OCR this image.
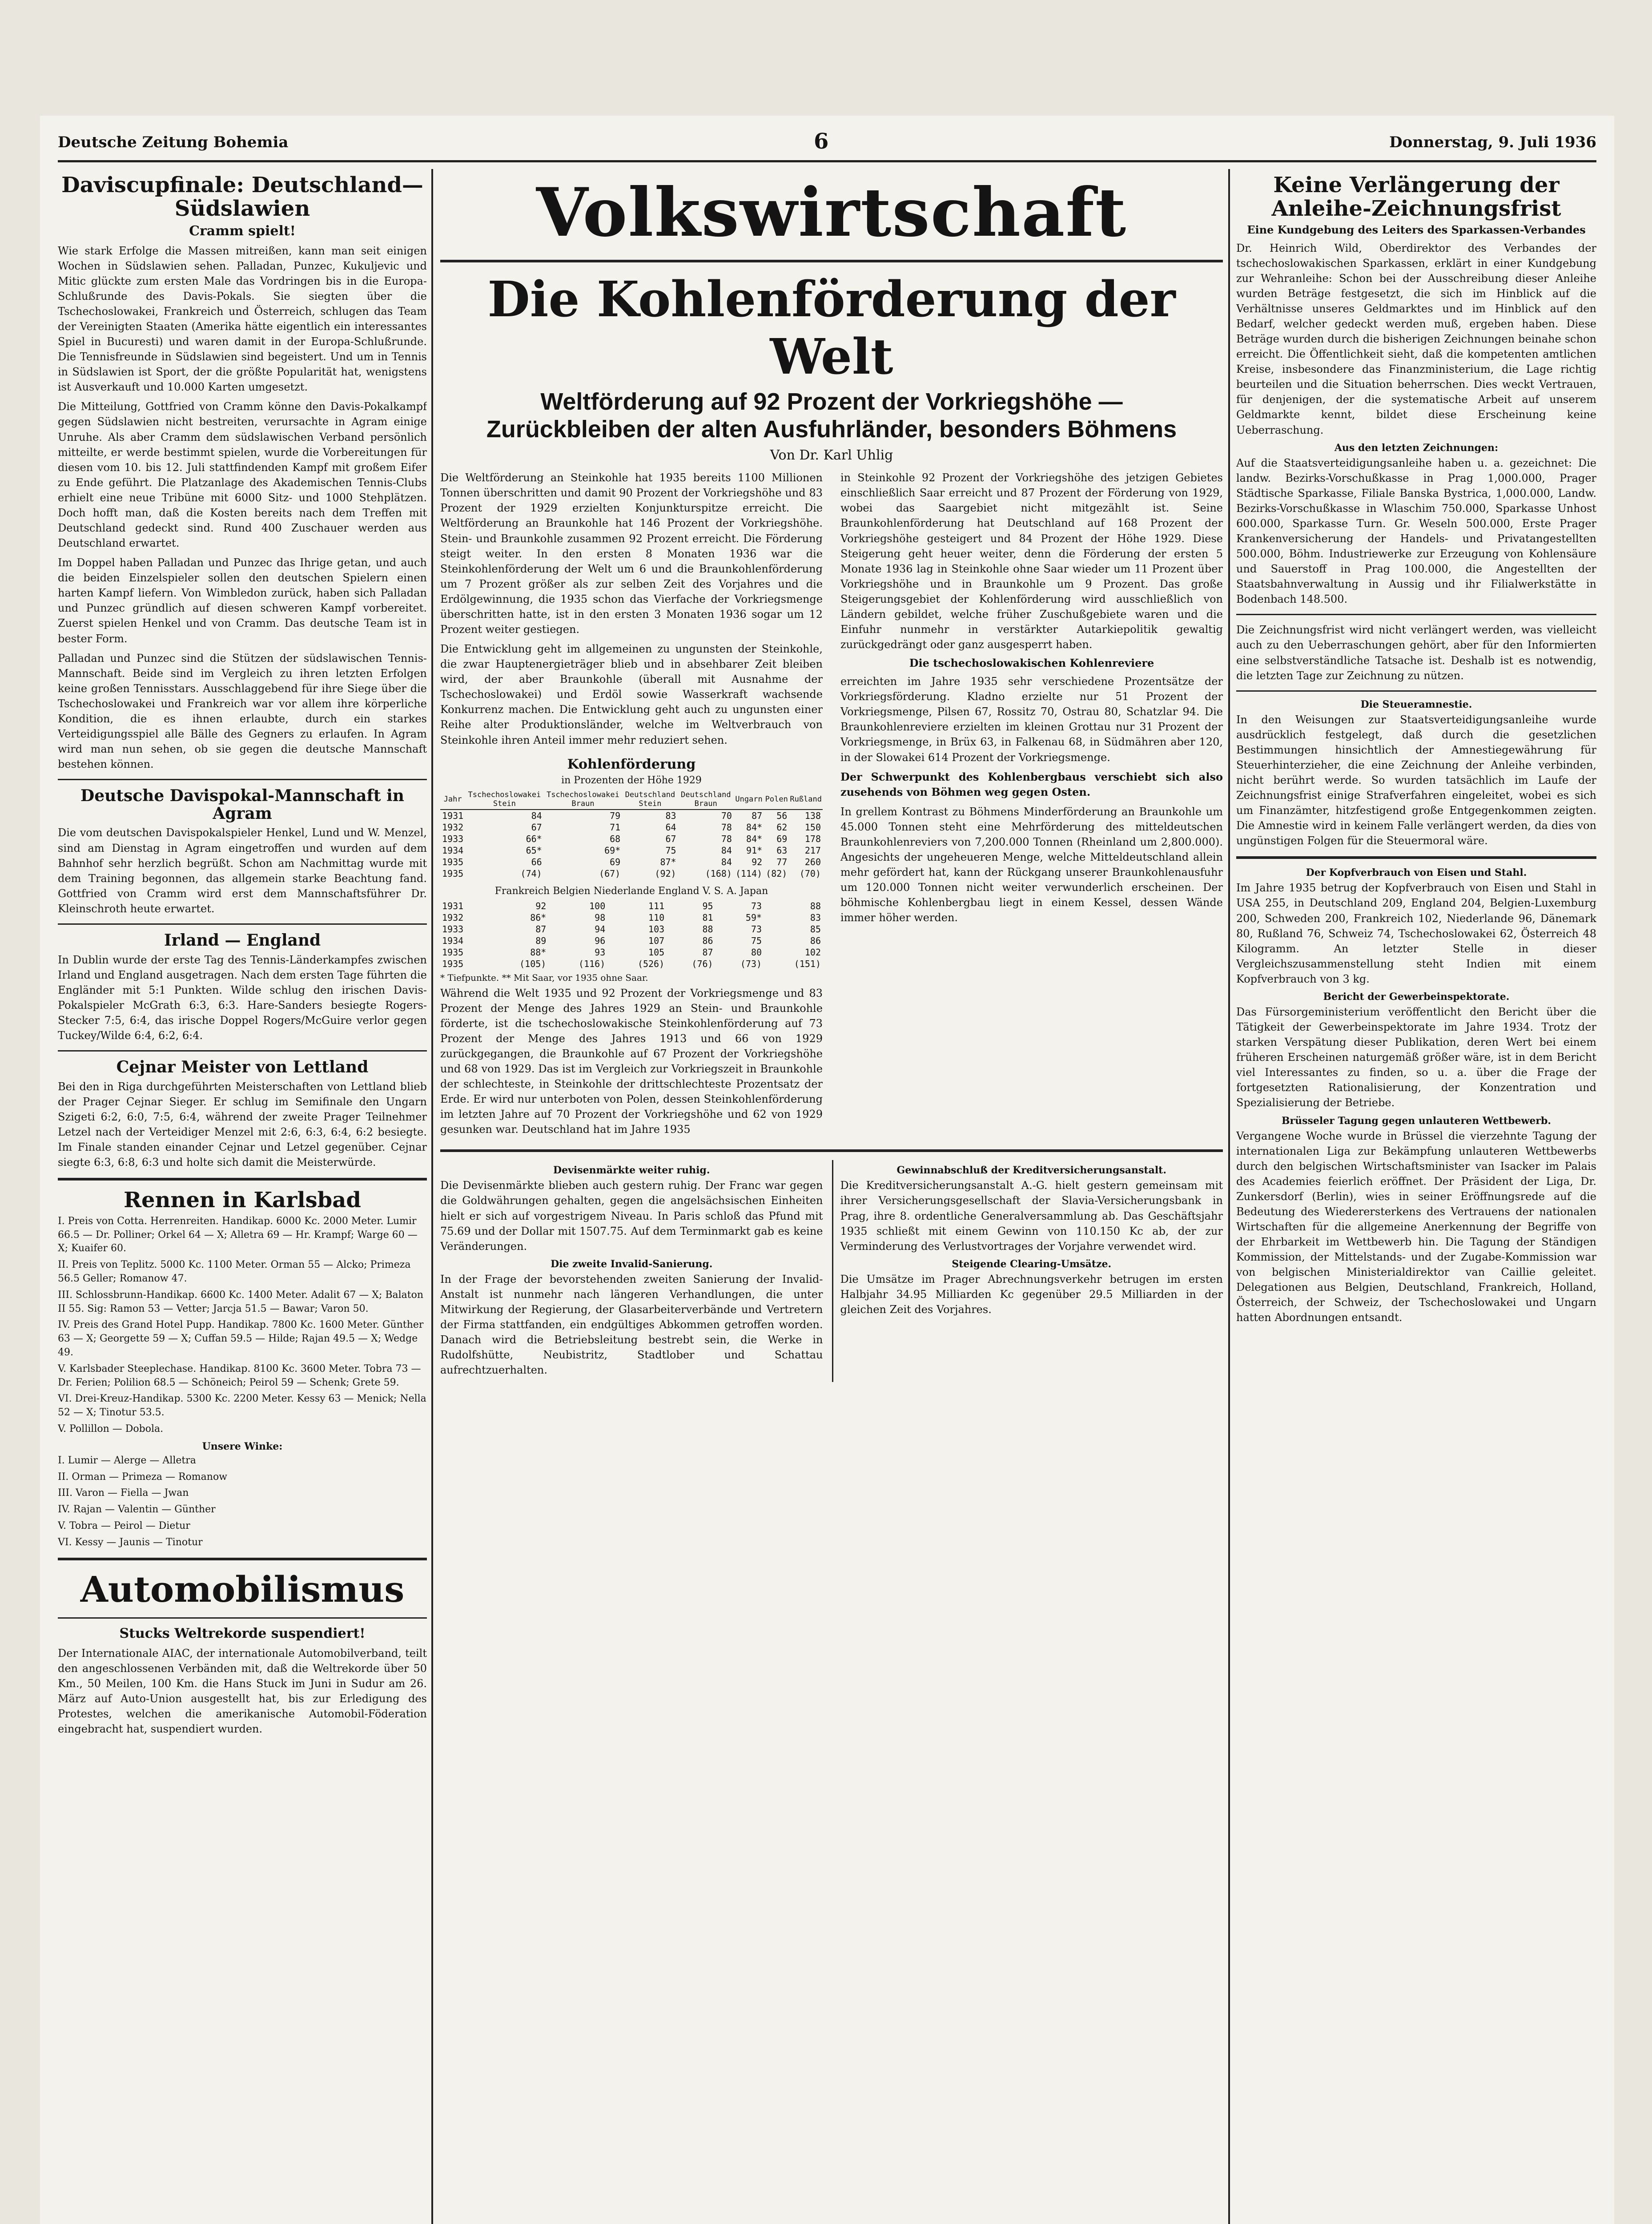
Deutsche Zeitung Bohemia	6	Donnerstag, 9. Juli 1936
Daviscupfinale: Deutschland—Südslawien
Cramm spielt!

Wie stark Erfolge die Massen mitreißen, kann man seit einigen Wochen in Südslawien sehen. Palladan, Punzec, Kukuljevic und Mitic glückte zum ersten Male das Vordringen bis in die Europa-Schlußrunde des Davis-Pokals. Sie siegten über die Tschechoslowakei, Frankreich und Österreich, schlugen das Team der Vereinigten Staaten (Amerika hätte eigentlich ein interessantes Spiel in Bucuresti) und waren damit in der Europa-Schlußrunde. Die Tennisfreunde in Südslawien sind begeistert. Und um in Tennis in Südslawien ist Sport, der die größte Popularität hat, wenigstens ist Ausverkauft und 10.000 Karten umgesetzt.

Die Mitteilung, Gottfried von Cramm könne den Davis-Pokalkampf gegen Südslawien nicht bestreiten, verursachte in Agram einige Unruhe. Als aber Cramm dem südslawischen Verband persönlich mitteilte, er werde bestimmt spielen, wurde die Vorbereitungen für diesen vom 10. bis 12. Juli stattfindenden Kampf mit großem Eifer zu Ende geführt. Die Platzanlage des Akademischen Tennis-Clubs erhielt eine neue Tribüne mit 6000 Sitz- und 1000 Stehplätzen. Doch hofft man, daß die Kosten bereits nach dem Treffen mit Deutschland gedeckt sind. Rund 400 Zuschauer werden aus Deutschland erwartet.

Im Doppel haben Palladan und Punzec das Ihrige getan, und auch die beiden Einzelspieler sollen den deutschen Spielern einen harten Kampf liefern. Von Wimbledon zurück, haben sich Palladan und Punzec gründlich auf diesen schweren Kampf vorbereitet. Zuerst spielen Henkel und von Cramm. Das deutsche Team ist in bester Form.

Palladan und Punzec sind die Stützen der südslawischen Tennis-Mannschaft. Beide sind im Vergleich zu ihren letzten Erfolgen keine großen Tennisstars. Ausschlaggebend für ihre Siege über die Tschechoslowakei und Frankreich war vor allem ihre körperliche Kondition, die es ihnen erlaubte, durch ein starkes Verteidigungsspiel alle Bälle des Gegners zu erlaufen. In Agram wird man nun sehen, ob sie gegen die deutsche Mannschaft bestehen können.

Deutsche Davispokal-Mannschaft in Agram

Die vom deutschen Davispokalspieler Henkel, Lund und W. Menzel, sind am Dienstag in Agram eingetroffen und wurden auf dem Bahnhof sehr herzlich begrüßt. Schon am Nachmittag wurde mit dem Training begonnen, das allgemein starke Beachtung fand. Gottfried von Cramm wird erst dem Mannschaftsführer Dr. Kleinschroth heute erwartet.

Irland — England

In Dublin wurde der erste Tag des Tennis-Länderkampfes zwischen Irland und England ausgetragen. Nach dem ersten Tage führten die Engländer mit 5:1 Punkten. Wilde schlug den irischen Davis-Pokalspieler McGrath 6:3, 6:3. Hare-Sanders besiegte Rogers-Stecker 7:5, 6:4, das irische Doppel Rogers/McGuire verlor gegen Tuckey/Wilde 6:4, 6:2, 6:4.

Cejnar Meister von Lettland

Bei den in Riga durchgeführten Meisterschaften von Lettland blieb der Prager Cejnar Sieger. Er schlug im Semifinale den Ungarn Szigeti 6:2, 6:0, 7:5, 6:4, während der zweite Prager Teilnehmer Letzel nach der Verteidiger Menzel mit 2:6, 6:3, 6:4, 6:2 besiegte. Im Finale standen einander Cejnar und Letzel gegenüber. Cejnar siegte 6:3, 6:8, 6:3 und holte sich damit die Meisterwürde.

Rennen in Karlsbad

I. Preis von Cotta. Herrenreiten. Handikap. 6000 Kc. 2000 Meter. Lumir 66.5 — Dr. Polliner; Orkel 64 — X; Alletra 69 — Hr. Krampf; Warge 60 — X; Kuaifer 60.

II. Preis von Teplitz. 5000 Kc. 1100 Meter. Orman 55 — Alcko; Primeza 56.5 Geller; Romanow 47.

III. Schlossbrunn-Handikap. 6600 Kc. 1400 Meter. Adalit 67 — X; Balaton II 55. Sig: Ramon 53 — Vetter; Jarcja 51.5 — Bawar; Varon 50.

IV. Preis des Grand Hotel Pupp. Handikap. 7800 Kc. 1600 Meter. Günther 63 — X; Georgette 59 — X; Cuffan 59.5 — Hilde; Rajan 49.5 — X; Wedge 49.

V. Karlsbader Steeplechase. Handikap. 8100 Kc. 3600 Meter. Tobra 73 — Dr. Ferien; Polilion 68.5 — Schöneich; Peirol 59 — Schenk; Grete 59.

VI. Drei-Kreuz-Handikap. 5300 Kc. 2200 Meter. Kessy 63 — Menick; Nella 52 — X; Tinotur 53.5.

V. Pollillon — Dobola.

Unsere Winke:

I. Lumir — Alerge — Alletra

II. Orman — Primeza — Romanow

III. Varon — Fiella — Jwan

IV. Rajan — Valentin — Günther

V. Tobra — Peirol — Dietur

VI. Kessy — Jaunis — Tinotur

Automobilismus
Stucks Weltrekorde suspendiert!

Der Internationale AIAC, der internationale Automobilverband, teilt den angeschlossenen Verbänden mit, daß die Weltrekorde über 50 Km., 50 Meilen, 100 Km. die Hans Stuck im Juni in Sudur am 26. März auf Auto-Union ausgestellt hat, bis zur Erledigung des Protestes, welchen die amerikanische Automobil-Föderation eingebracht hat, suspendiert wurden.

Volkswirtschaft
Die Kohlenförderung der Welt
Weltförderung auf 92 Prozent der Vorkriegshöhe — Zurückbleiben der alten Ausfuhrländer, besonders Böhmens
Von Dr. Karl Uhlig

Die Weltförderung an Steinkohle hat 1935 bereits 1100 Millionen Tonnen überschritten und damit 90 Prozent der Vorkriegshöhe und 83 Prozent der 1929 erzielten Konjunkturspitze erreicht. Die Weltförderung an Braunkohle hat 146 Prozent der Vorkriegshöhe. Stein- und Braunkohle zusammen 92 Prozent erreicht. Die Förderung steigt weiter. In den ersten 8 Monaten 1936 war die Steinkohlenförderung der Welt um 6 und die Braunkohlenförderung um 7 Prozent größer als zur selben Zeit des Vorjahres und die Erdölgewinnung, die 1935 schon das Vierfache der Vorkriegsmenge überschritten hatte, ist in den ersten 3 Monaten 1936 sogar um 12 Prozent weiter gestiegen.

Die Entwicklung geht im allgemeinen zu ungunsten der Steinkohle, die zwar Hauptenergieträger blieb und in absehbarer Zeit bleiben wird, der aber Braunkohle (überall mit Ausnahme der Tschechoslowakei) und Erdöl sowie Wasserkraft wachsende Konkurrenz machen. Die Entwicklung geht auch zu ungunsten einer Reihe alter Produktionsländer, welche im Weltverbrauch von Steinkohle ihren Anteil immer mehr reduziert sehen.

Kohlenförderung
in Prozenten der Höhe 1929
Jahr	Tschechoslowakei Stein	Tschechoslowakei Braun	Deutschland Stein	Deutschland Braun	Ungarn	Polen	Rußland
1931	84	79	83	70	87	56	138
1932	67	71	64	78	84*	62	150
1933	66*	68	67	78	84*	69	178
1934	65*	69*	75	84	91*	63	217
1935	66	69	87*	84	92	77	260
1935	(74)	(67)	(92)	(168)	(114)	(82)	(70)
Frankreich Belgien Niederlande England V. S. A. Japan
1931	92	100	111	95	73	88
1932	86*	98	110	81	59*	83
1933	87	94	103	88	73	85
1934	89	96	107	86	75	86
1935	88*	93	105	87	80	102
1935	(105)	(116)	(526)	(76)	(73)	(151)
* Tiefpunkte. ** Mit Saar, vor 1935 ohne Saar.

Während die Welt 1935 und 92 Prozent der Vorkriegsmenge und 83 Prozent der Menge des Jahres 1929 an Stein- und Braunkohle förderte, ist die tschechoslowakische Steinkohlenförderung auf 73 Prozent der Menge des Jahres 1913 und 66 von 1929 zurückgegangen, die Braunkohle auf 67 Prozent der Vorkriegshöhe und 68 von 1929. Das ist im Vergleich zur Vorkriegszeit in Braunkohle der schlechteste, in Steinkohle der drittschlechteste Prozentsatz der Erde. Er wird nur unterboten von Polen, dessen Steinkohlenförderung im letzten Jahre auf 70 Prozent der Vorkriegshöhe und 62 von 1929 gesunken war. Deutschland hat im Jahre 1935

in Steinkohle 92 Prozent der Vorkriegshöhe des jetzigen Gebietes einschließlich Saar erreicht und 87 Prozent der Förderung von 1929, wobei das Saargebiet nicht mitgezählt ist. Seine Braunkohlenförderung hat Deutschland auf 168 Prozent der Vorkriegshöhe gesteigert und 84 Prozent der Höhe 1929. Diese Steigerung geht heuer weiter, denn die Förderung der ersten 5 Monate 1936 lag in Steinkohle ohne Saar wieder um 11 Prozent über Vorkriegshöhe und in Braunkohle um 9 Prozent. Das große Steigerungsgebiet der Kohlenförderung wird ausschließlich von Ländern gebildet, welche früher Zuschußgebiete waren und die Einfuhr nunmehr in verstärkter Autarkiepolitik gewaltig zurückgedrängt oder ganz ausgesperrt haben.

Die tschechoslowakischen Kohlenreviere

erreichten im Jahre 1935 sehr verschiedene Prozentsätze der Vorkriegsförderung. Kladno erzielte nur 51 Prozent der Vorkriegsmenge, Pilsen 67, Rossitz 70, Ostrau 80, Schatzlar 94. Die Braunkohlenreviere erzielten im kleinen Grottau nur 31 Prozent der Vorkriegsmenge, in Brüx 63, in Falkenau 68, in Südmähren aber 120, in der Slowakei 614 Prozent der Vorkriegsmenge.

Der Schwerpunkt des Kohlenbergbaus verschiebt sich also zusehends von Böhmen weg gegen Osten.

In grellem Kontrast zu Böhmens Minderförderung an Braunkohle um 45.000 Tonnen steht eine Mehrförderung des mitteldeutschen Braunkohlenreviers von 7,200.000 Tonnen (Rheinland um 2,800.000). Angesichts der ungeheueren Menge, welche Mitteldeutschland allein mehr gefördert hat, kann der Rückgang unserer Braunkohlenausfuhr um 120.000 Tonnen nicht weiter verwunderlich erscheinen. Der böhmische Kohlenbergbau liegt in einem Kessel, dessen Wände immer höher werden.

Devisenmärkte weiter ruhig.

Die Devisenmärkte blieben auch gestern ruhig. Der Franc war gegen die Goldwährungen gehalten, gegen die angelsächsischen Einheiten hielt er sich auf vorgestrigem Niveau. In Paris schloß das Pfund mit 75.69 und der Dollar mit 1507.75. Auf dem Terminmarkt gab es keine Veränderungen.

Die zweite Invalid-Sanierung.

In der Frage der bevorstehenden zweiten Sanierung der Invalid-Anstalt ist nunmehr nach längeren Verhandlungen, die unter Mitwirkung der Regierung, der Glasarbeiterverbände und Vertretern der Firma stattfanden, ein endgültiges Abkommen getroffen worden. Danach wird die Betriebsleitung bestrebt sein, die Werke in Rudolfshütte, Neubistritz, Stadtlober und Schattau aufrechtzuerhalten.

Gewinnabschluß der Kreditversicherungsanstalt.

Die Kreditversicherungsanstalt A.-G. hielt gestern gemeinsam mit ihrer Versicherungsgesellschaft der Slavia-Versicherungsbank in Prag, ihre 8. ordentliche Generalversammlung ab. Das Geschäftsjahr 1935 schließt mit einem Gewinn von 110.150 Kc ab, der zur Verminderung des Verlustvortrages der Vorjahre verwendet wird.

Steigende Clearing-Umsätze.

Die Umsätze im Prager Abrechnungsverkehr betrugen im ersten Halbjahr 34.95 Milliarden Kc gegenüber 29.5 Milliarden in der gleichen Zeit des Vorjahres.

Keine Verlängerung der Anleihe-Zeichnungsfrist
Eine Kundgebung des Leiters des Sparkassen-Verbandes

Dr. Heinrich Wild, Oberdirektor des Verbandes der tschechoslowakischen Sparkassen, erklärt in einer Kundgebung zur Wehranleihe: Schon bei der Ausschreibung dieser Anleihe wurden Beträge festgesetzt, die sich im Hinblick auf die Verhältnisse unseres Geldmarktes und im Hinblick auf den Bedarf, welcher gedeckt werden muß, ergeben haben. Diese Beträge wurden durch die bisherigen Zeichnungen beinahe schon erreicht. Die Öffentlichkeit sieht, daß die kompetenten amtlichen Kreise, insbesondere das Finanzministerium, die Lage richtig beurteilen und die Situation beherrschen. Dies weckt Vertrauen, für denjenigen, der die systematische Arbeit auf unserem Geldmarkte kennt, bildet diese Erscheinung keine Ueberraschung.

Aus den letzten Zeichnungen:

Auf die Staatsverteidigungsanleihe haben u. a. gezeichnet: Die landw. Bezirks-Vorschußkasse in Prag 1,000.000, Prager Städtische Sparkasse, Filiale Banska Bystrica, 1,000.000, Landw. Bezirks-Vorschußkasse in Wlaschim 750.000, Sparkasse Unhost 600.000, Sparkasse Turn. Gr. Weseln 500.000, Erste Prager Krankenversicherung der Handels- und Privatangestellten 500.000, Böhm. Industriewerke zur Erzeugung von Kohlensäure und Sauerstoff in Prag 100.000, die Angestellten der Staatsbahnverwaltung in Aussig und ihr Filialwerkstätte in Bodenbach 148.500.

Die Zeichnungsfrist wird nicht verlängert werden, was vielleicht auch zu den Ueberraschungen gehört, aber für den Informierten eine selbstverständliche Tatsache ist. Deshalb ist es notwendig, die letzten Tage zur Zeichnung zu nützen.

Die Steueramnestie.

In den Weisungen zur Staatsverteidigungsanleihe wurde ausdrücklich festgelegt, daß durch die gesetzlichen Bestimmungen hinsichtlich der Amnestiegewährung für Steuerhinterzieher, die eine Zeichnung der Anleihe verbinden, nicht berührt werde. So wurden tatsächlich im Laufe der Zeichnungsfrist einige Strafverfahren eingeleitet, wobei es sich um Finanzämter, hitzfestigend große Entgegenkommen zeigten. Die Amnestie wird in keinem Falle verlängert werden, da dies von ungünstigen Folgen für die Steuermoral wäre.

Der Kopfverbrauch von Eisen und Stahl.

Im Jahre 1935 betrug der Kopfverbrauch von Eisen und Stahl in USA 255, in Deutschland 209, England 204, Belgien-Luxemburg 200, Schweden 200, Frankreich 102, Niederlande 96, Dänemark 80, Rußland 76, Schweiz 74, Tschechoslowakei 62, Österreich 48 Kilogramm. An letzter Stelle in dieser Vergleichszusammenstellung steht Indien mit einem Kopfverbrauch von 3 kg.

Bericht der Gewerbeinspektorate.

Das Fürsorgeministerium veröffentlicht den Bericht über die Tätigkeit der Gewerbeinspektorate im Jahre 1934. Trotz der starken Verspätung dieser Publikation, deren Wert bei einem früheren Erscheinen naturgemäß größer wäre, ist in dem Bericht viel Interessantes zu finden, so u. a. über die Frage der fortgesetzten Rationalisierung, der Konzentration und Spezialisierung der Betriebe.

Brüsseler Tagung gegen unlauteren Wettbewerb.

Vergangene Woche wurde in Brüssel die vierzehnte Tagung der internationalen Liga zur Bekämpfung unlauteren Wettbewerbs durch den belgischen Wirtschaftsminister van Isacker im Palais des Academies feierlich eröffnet. Der Präsident der Liga, Dr. Zunkersdorf (Berlin), wies in seiner Eröffnungsrede auf die Bedeutung des Wiederersterkens des Vertrauens der nationalen Wirtschaften für die allgemeine Anerkennung der Begriffe von der Ehrbarkeit im Wettbewerb hin. Die Tagung der Ständigen Kommission, der Mittelstands- und der Zugabe-Kommission war von belgischen Ministerialdirektor van Caillie geleitet. Delegationen aus Belgien, Deutschland, Frankreich, Holland, Österreich, der Schweiz, der Tschechoslowakei und Ungarn hatten Abordnungen entsandt.
